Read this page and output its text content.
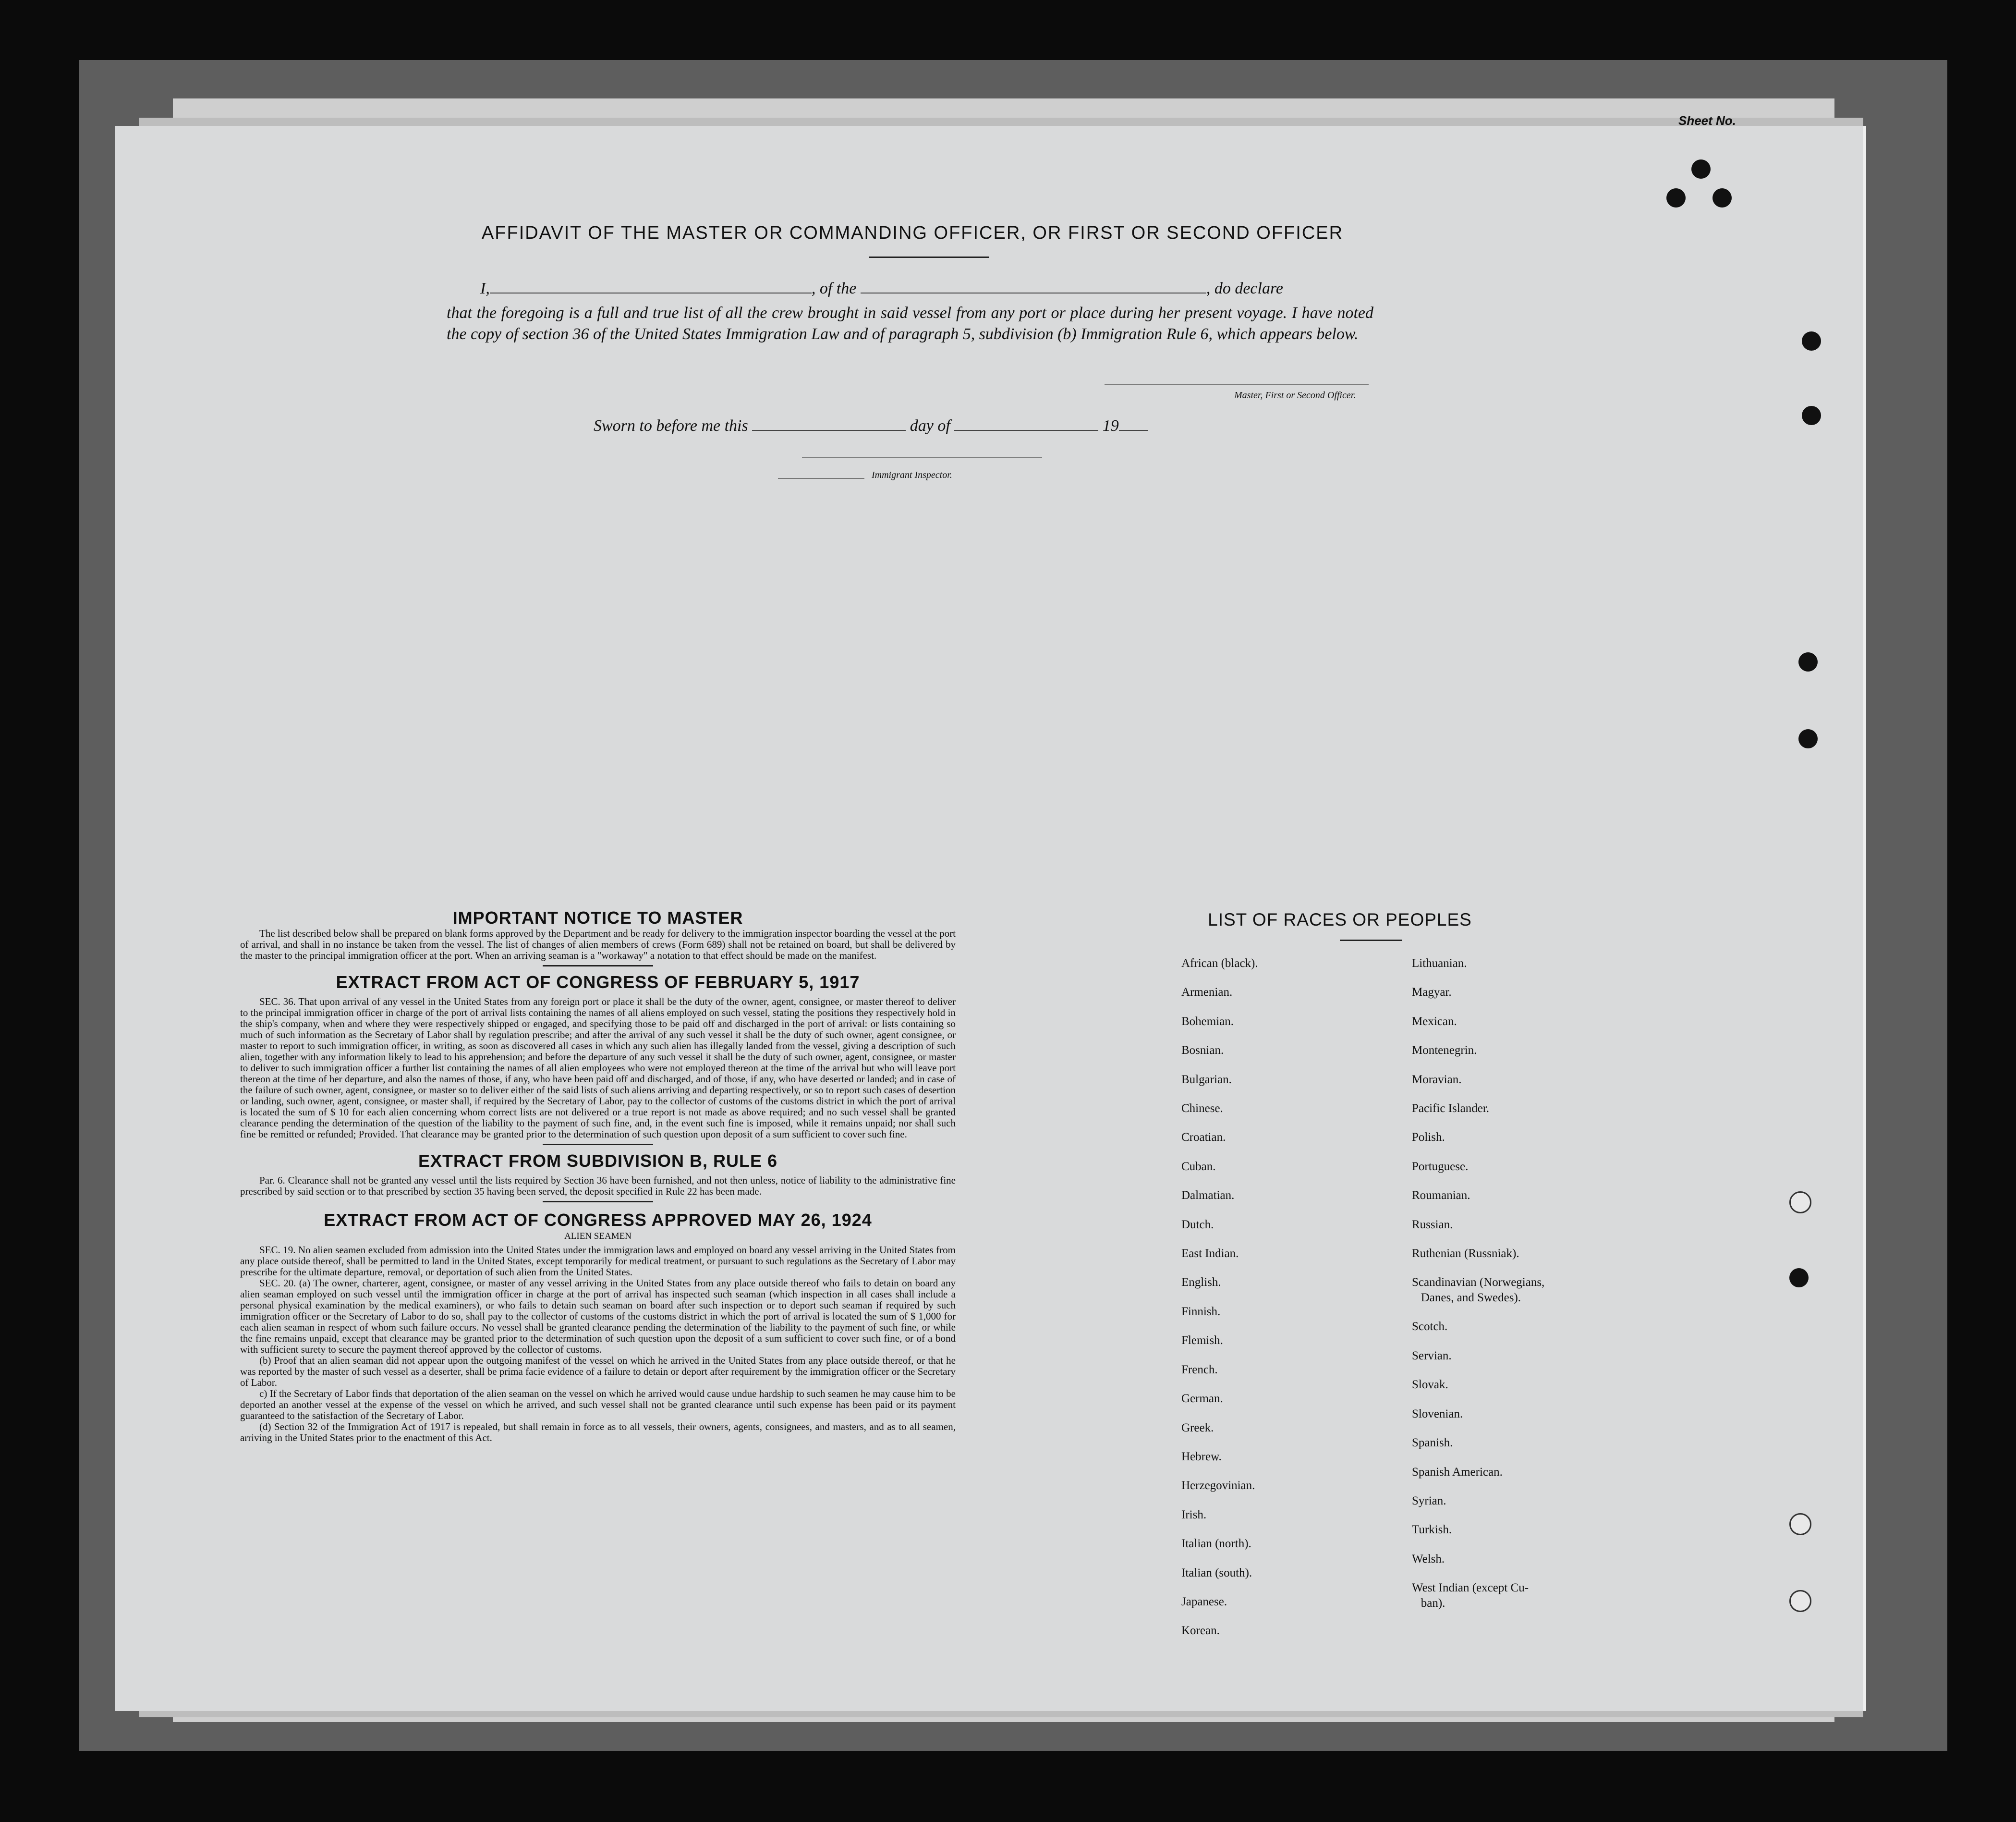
Sheet No.
AFFIDAVIT OF THE MASTER OR COMMANDING OFFICER, OR FIRST OR SECOND OFFICER
I,	, of the	, do declare
that the foregoing is a full and true list of all the crew brought in said vessel from any port or place during her present voyage. I have noted the copy of section 36 of the United States Immigration Law and of paragraph 5, subdivision (b) Immigration Rule 6, which appears below.
Master, First or Second Officer.
Sworn to before me this	day of	19
Immigrant Inspector.
IMPORTANT NOTICE TO MASTER

The list described below shall be prepared on blank forms approved by the Department and be ready for delivery to the immigration inspector boarding the vessel at the port of arrival, and shall in no instance be taken from the vessel. The list of changes of alien members of crews (Form 689) shall not be retained on board, but shall be delivered by the master to the principal immigration officer at the port. When an arriving seaman is a "workaway" a notation to that effect should be made on the manifest.

EXTRACT FROM ACT OF CONGRESS OF FEBRUARY 5, 1917

SEC. 36. That upon arrival of any vessel in the United States from any foreign port or place it shall be the duty of the owner, agent, consignee, or master thereof to deliver to the principal immigration officer in charge of the port of arrival lists containing the names of all aliens employed on such vessel, stating the positions they respectively hold in the ship's company, when and where they were respectively shipped or engaged, and specifying those to be paid off and discharged in the port of arrival: or lists containing so much of such information as the Secretary of Labor shall by regulation prescribe; and after the arrival of any such vessel it shall be the duty of such owner, agent consignee, or master to report to such immigration officer, in writing, as soon as discovered all cases in which any such alien has illegally landed from the vessel, giving a description of such alien, together with any information likely to lead to his apprehension; and before the departure of any such vessel it shall be the duty of such owner, agent, consignee, or master to deliver to such immigration officer a further list containing the names of all alien employees who were not employed thereon at the time of the arrival but who will leave port thereon at the time of her departure, and also the names of those, if any, who have been paid off and discharged, and of those, if any, who have deserted or landed; and in case of the failure of such owner, agent, consignee, or master so to deliver either of the said lists of such aliens arriving and departing respectively, or so to report such cases of desertion or landing, such owner, agent, consignee, or master shall, if required by the Secretary of Labor, pay to the collector of customs of the customs district in which the port of arrival is located the sum of $ 10 for each alien concerning whom correct lists are not delivered or a true report is not made as above required; and no such vessel shall be granted clearance pending the determination of the question of the liability to the payment of such fine, and, in the event such fine is imposed, while it remains unpaid; nor shall such fine be remitted or refunded; Provided. That clearance may be granted prior to the determination of such question upon deposit of a sum sufficient to cover such fine.

EXTRACT FROM SUBDIVISION B, RULE 6

Par. 6. Clearance shall not be granted any vessel until the lists required by Section 36 have been furnished, and not then unless, notice of liability to the administrative fine prescribed by said section or to that prescribed by section 35 having been served, the deposit specified in Rule 22 has been made.

EXTRACT FROM ACT OF CONGRESS APPROVED MAY 26, 1924
ALIEN SEAMEN

SEC. 19. No alien seamen excluded from admission into the United States under the immigration laws and employed on board any vessel arriving in the United States from any place outside thereof, shall be permitted to land in the United States, except temporarily for medical treatment, or pursuant to such regulations as the Secretary of Labor may prescribe for the ultimate departure, removal, or deportation of such alien from the United States.

SEC. 20. (a) The owner, charterer, agent, consignee, or master of any vessel arriving in the United States from any place outside thereof who fails to detain on board any alien seaman employed on such vessel until the immigration officer in charge at the port of arrival has inspected such seaman (which inspection in all cases shall include a personal physical examination by the medical examiners), or who fails to detain such seaman on board after such inspection or to deport such seaman if required by such immigration officer or the Secretary of Labor to do so, shall pay to the collector of customs of the customs district in which the port of arrival is located the sum of $ 1,000 for each alien seaman in respect of whom such failure occurs. No vessel shall be granted clearance pending the determination of the liability to the payment of such fine, or while the fine remains unpaid, except that clearance may be granted prior to the determination of such question upon the deposit of a sum sufficient to cover such fine, or of a bond with sufficient surety to secure the payment thereof approved by the collector of customs.

(b) Proof that an alien seaman did not appear upon the outgoing manifest of the vessel on which he arrived in the United States from any place outside thereof, or that he was reported by the master of such vessel as a deserter, shall be prima facie evidence of a failure to detain or deport after requirement by the immigration officer or the Secretary of Labor.

c) If the Secretary of Labor finds that deportation of the alien seaman on the vessel on which he arrived would cause undue hardship to such seamen he may cause him to be deported an another vessel at the expense of the vessel on which he arrived, and such vessel shall not be granted clearance until such expense has been paid or its payment guaranteed to the satisfaction of the Secretary of Labor.

(d) Section 32 of the Immigration Act of 1917 is repealed, but shall remain in force as to all vessels, their owners, agents, consignees, and masters, and as to all seamen, arriving in the United States prior to the enactment of this Act.

LIST OF RACES OR PEOPLES
African (black).
Armenian.
Bohemian.
Bosnian.
Bulgarian.
Chinese.
Croatian.
Cuban.
Dalmatian.
Dutch.
East Indian.
English.
Finnish.
Flemish.
French.
German.
Greek.
Hebrew.
Herzegovinian.
Irish.
Italian (north).
Italian (south).
Japanese.
Korean.
Lithuanian.
Magyar.
Mexican.
Montenegrin.
Moravian.
Pacific Islander.
Polish.
Portuguese.
Roumanian.
Russian.
Ruthenian (Russniak).
Scandinavian (Norwegians,
Danes, and Swedes).
Scotch.
Servian.
Slovak.
Slovenian.
Spanish.
Spanish American.
Syrian.
Turkish.
Welsh.
West Indian (except Cu-
ban).
